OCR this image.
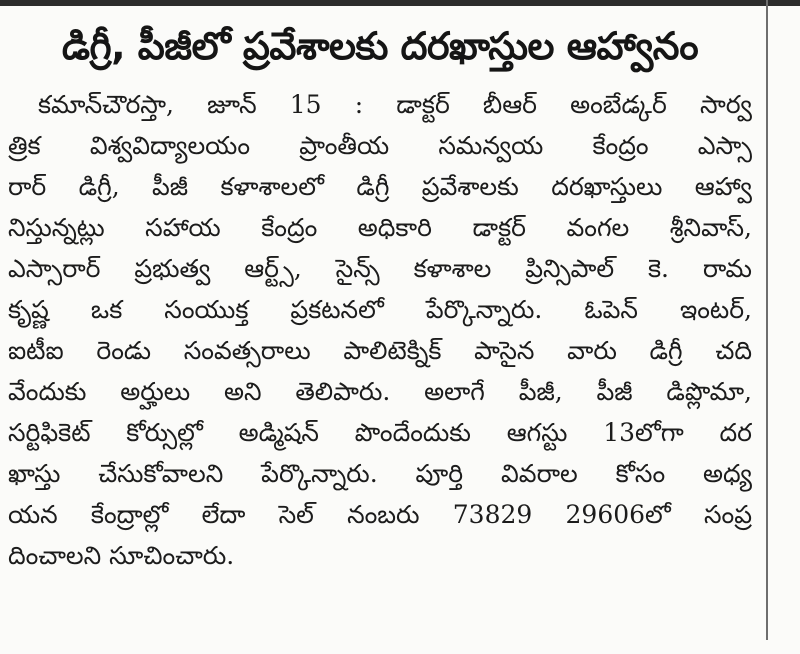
డిగ్రీ, పీజీలో ప్రవేశాలకు దరఖాస్తుల ఆహ్వానం
కమాన్‌చౌరస్తా, జూన్ 15 : డాక్టర్ బీఆర్ అంబేడ్కర్ సార్వ
త్రిక విశ్వవిద్యాలయం ప్రాంతీయ సమన్వయ కేంద్రం ఎస్సా
రార్ డిగ్రీ, పీజీ కళాశాలలో డిగ్రీ ప్రవేశాలకు దరఖాస్తులు ఆహ్వా
నిస్తున్నట్లు సహాయ కేంద్రం అధికారి డాక్టర్ వంగల శ్రీనివాస్,
ఎస్సారార్ ప్రభుత్వ ఆర్ట్స్, సైన్స్ కళాశాల ప్రిన్సిపాల్ కె. రామ
కృష్ణ ఒక సంయుక్త ప్రకటనలో పేర్కొన్నారు. ఓపెన్ ఇంటర్,
ఐటీఐ రెండు సంవత్సరాలు పాలిటెక్నిక్ పాసైన వారు డిగ్రీ చది
వేందుకు అర్హులు అని తెలిపారు. అలాగే పీజీ, పీజీ డిప్లొమా,
సర్టిఫికెట్ కోర్సుల్లో అడ్మిషన్ పొందేందుకు ఆగస్టు 13లోగా దర
ఖాస్తు చేసుకోవాలని పేర్కొన్నారు. పూర్తి వివరాల కోసం అధ్య
యన కేంద్రాల్లో లేదా సెల్ నంబరు 73829 29606లో సంప్ర
దించాలని సూచించారు.
